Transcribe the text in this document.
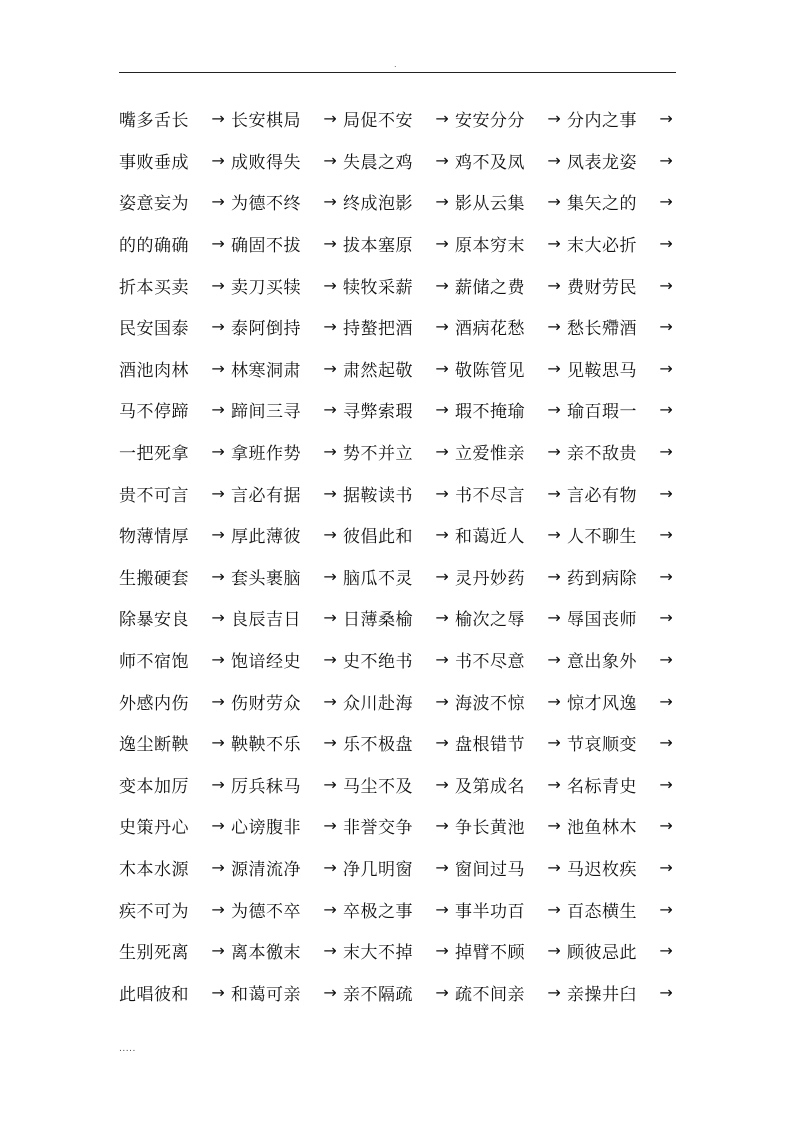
.
嘴多舌长	→ 长安棋局	→ 局促不安	→ 安安分分	→ 分内之事	→
事败垂成	→ 成败得失	→ 失晨之鸡	→ 鸡不及凤	→ 凤表龙姿	→
姿意妄为	→ 为德不终	→ 终成泡影	→ 影从云集	→ 集矢之的	→
的的确确	→ 确固不拔	→ 拔本塞原	→ 原本穷末	→ 末大必折	→
折本买卖	→ 卖刀买犊	→ 犊牧采薪	→ 薪储之费	→ 费财劳民	→
民安国泰	→ 泰阿倒持	→ 持螯把酒	→ 酒病花愁	→ 愁长殢酒	→
酒池肉林	→ 林寒洞肃	→ 肃然起敬	→ 敬陈管见	→ 见鞍思马	→
马不停蹄	→ 蹄间三寻	→ 寻弊索瑕	→ 瑕不掩瑜	→ 瑜百瑕一	→
一把死拿	→ 拿班作势	→ 势不并立	→ 立爱惟亲	→ 亲不敌贵	→
贵不可言	→ 言必有据	→ 据鞍读书	→ 书不尽言	→ 言必有物	→
物薄情厚	→ 厚此薄彼	→ 彼倡此和	→ 和蔼近人	→ 人不聊生	→
生搬硬套	→ 套头裹脑	→ 脑瓜不灵	→ 灵丹妙药	→ 药到病除	→
除暴安良	→ 良辰吉日	→ 日薄桑榆	→ 榆次之辱	→ 辱国丧师	→
师不宿饱	→ 饱谙经史	→ 史不绝书	→ 书不尽意	→ 意出象外	→
外感内伤	→ 伤财劳众	→ 众川赴海	→ 海波不惊	→ 惊才风逸	→
逸尘断鞅	→ 鞅鞅不乐	→ 乐不极盘	→ 盘根错节	→ 节哀顺变	→
变本加厉	→ 厉兵秣马	→ 马尘不及	→ 及第成名	→ 名标青史	→
史策丹心	→ 心谤腹非	→ 非誉交争	→ 争长黄池	→ 池鱼林木	→
木本水源	→ 源清流净	→ 净几明窗	→ 窗间过马	→ 马迟枚疾	→
疾不可为	→ 为德不卒	→ 卒极之事	→ 事半功百	→ 百态横生	→
生别死离	→ 离本徼末	→ 末大不掉	→ 掉臂不顾	→ 顾彼忌此	→
此唱彼和	→ 和蔼可亲	→ 亲不隔疏	→ 疏不间亲	→ 亲操井臼	→
.....
